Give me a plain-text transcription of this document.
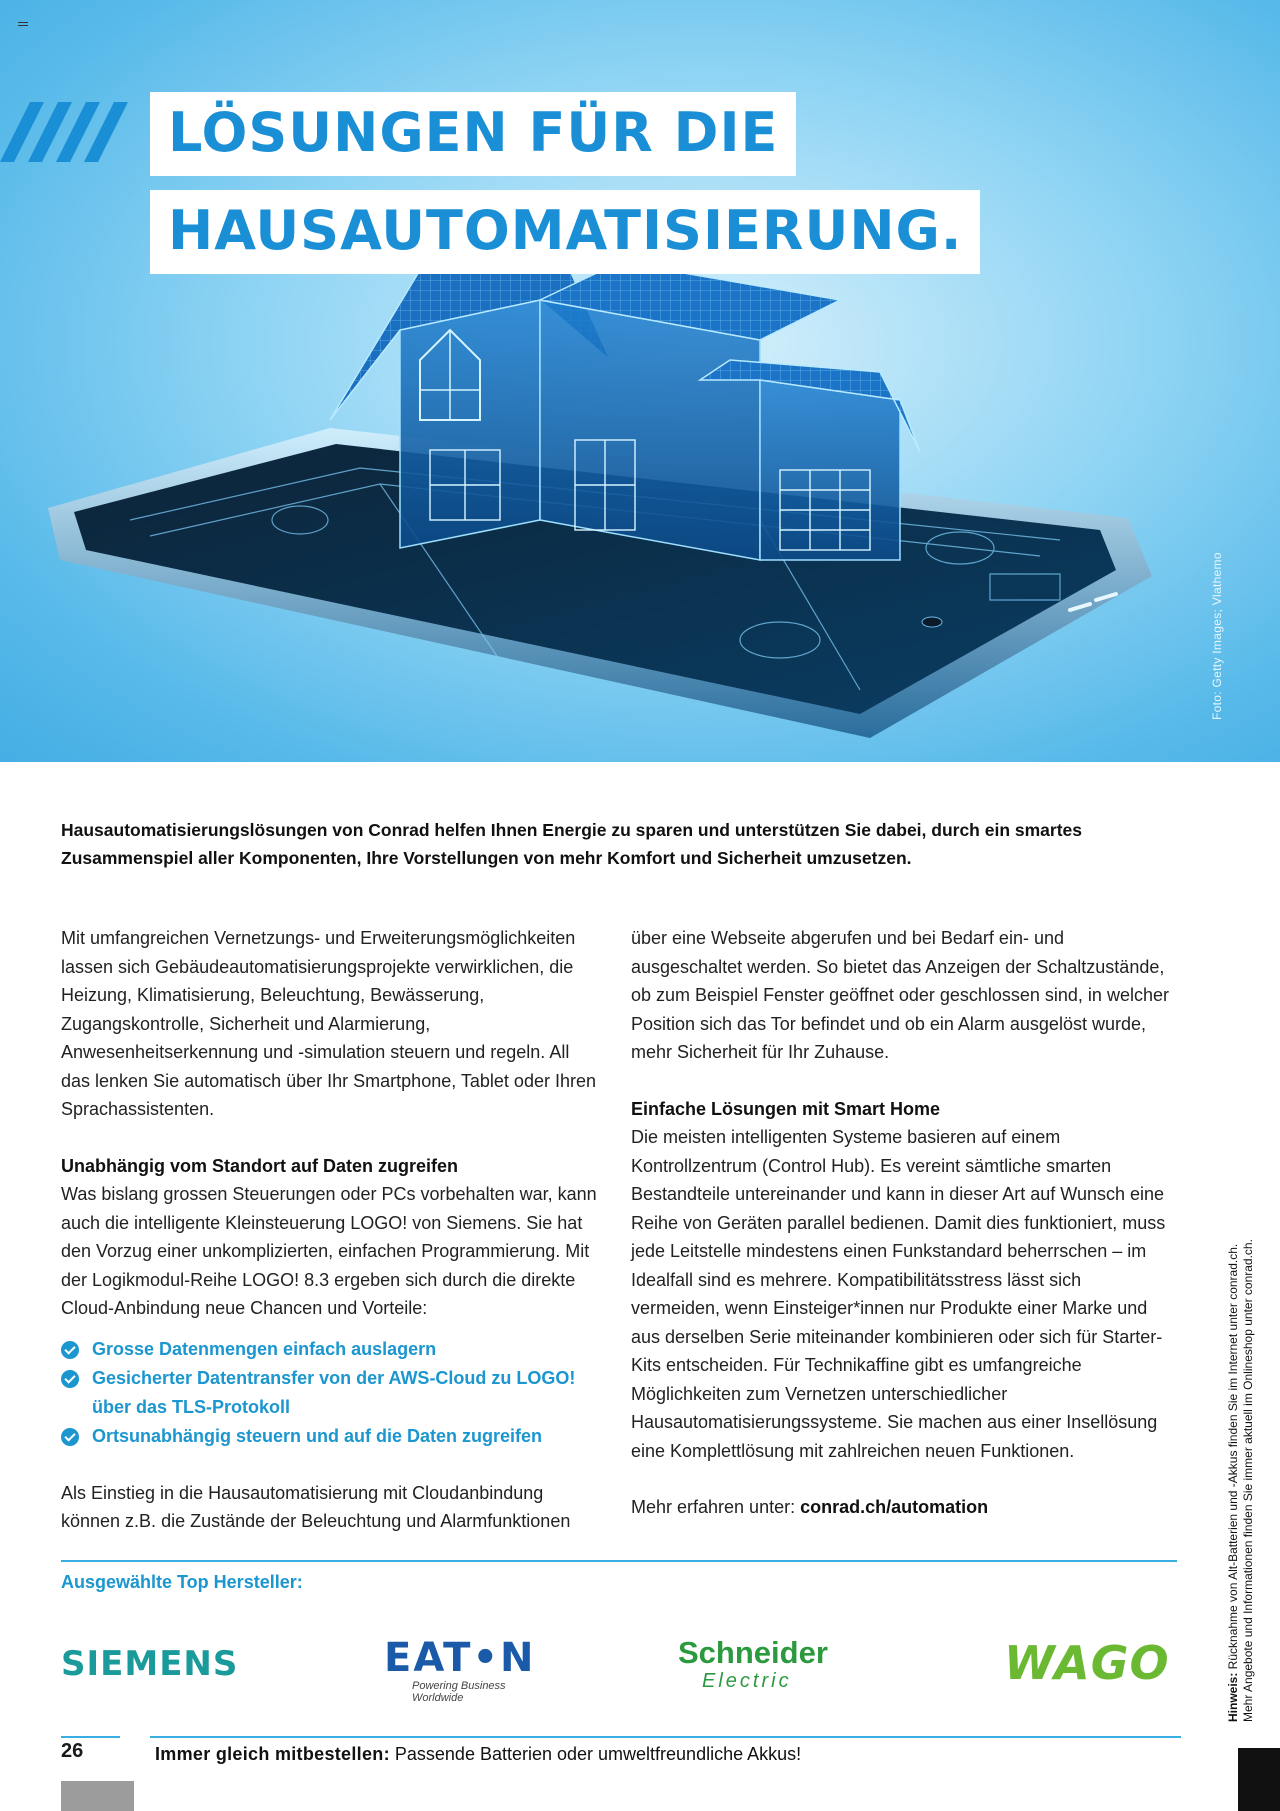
LÖSUNGEN FÜR DIE
HAUSAUTOMATISIERUNG.
Foto: Getty Images; Vlathemo

Hausautomatisierungslösungen von Conrad helfen Ihnen Energie zu sparen und unterstützen Sie dabei, durch ein smartes Zusammenspiel aller Komponenten, Ihre Vorstellungen von mehr Komfort und Sicherheit umzusetzen.

Mit umfangreichen Vernetzungs- und Erweiterungsmöglichkeiten lassen sich Gebäudeautomatisierungsprojekte verwirklichen, die Heizung, Klimatisierung, Beleuchtung, Bewässerung, Zugangskontrolle, Sicherheit und Alarmierung, Anwesenheitserkennung und -simulation steuern und regeln. All das lenken Sie automatisch über Ihr Smartphone, Tablet oder Ihren Sprachassistenten.

Unabhängig vom Standort auf Daten zugreifen

Was bislang grossen Steuerungen oder PCs vorbehalten war, kann auch die intelligente Kleinsteuerung LOGO! von Siemens. Sie hat den Vorzug einer unkomplizierten, einfachen Programmierung. Mit der Logikmodul-Reihe LOGO! 8.3 ergeben sich durch die direkte Cloud-Anbindung neue Chancen und Vorteile:

Grosse Datenmengen einfach auslagern
Gesicherter Datentransfer von der AWS-Cloud zu LOGO! über das TLS-Protokoll
Ortsunabhängig steuern und auf die Daten zugreifen

Als Einstieg in die Hausautomatisierung mit Cloudanbindung können z.B. die Zustände der Beleuchtung und Alarmfunktionen

über eine Webseite abgerufen und bei Bedarf ein- und ausgeschaltet werden. So bietet das Anzeigen der Schaltzustände, ob zum Beispiel Fenster geöffnet oder geschlossen sind, in welcher Position sich das Tor befindet und ob ein Alarm ausgelöst wurde, mehr Sicherheit für Ihr Zuhause.

Einfache Lösungen mit Smart Home

Die meisten intelligenten Systeme basieren auf einem Kontrollzentrum (Control Hub). Es vereint sämtliche smarten Bestandteile untereinander und kann in dieser Art auf Wunsch eine Reihe von Geräten parallel bedienen. Damit dies funktioniert, muss jede Leitstelle mindestens einen Funkstandard beherrschen – im Idealfall sind es mehrere. Kompatibilitätsstress lässt sich vermeiden, wenn Einsteiger*innen nur Produkte einer Marke und aus derselben Serie miteinander kombinieren oder sich für Starter-Kits entscheiden. Für Technikaffine gibt es umfangreiche Möglichkeiten zum Vernetzen unterschiedlicher Hausautomatisierungssysteme. Sie machen aus einer Insellösung eine Komplettlösung mit zahlreichen neuen Funktionen.

Mehr erfahren unter: conrad.ch/automation

Ausgewählte Top Hersteller:
SIEMENS	EAT•N
Powering Business Worldwide
Schneider
Electric	WAGO
26	Immer gleich mitbestellen: Passende Batterien oder umweltfreundliche Akkus!
Hinweis: Rücknahme von Alt-Batterien und -Akkus finden Sie im Internet unter conrad.ch. Mehr Angebote und Informationen finden Sie immer aktuell im Onlineshop unter conrad.ch.
